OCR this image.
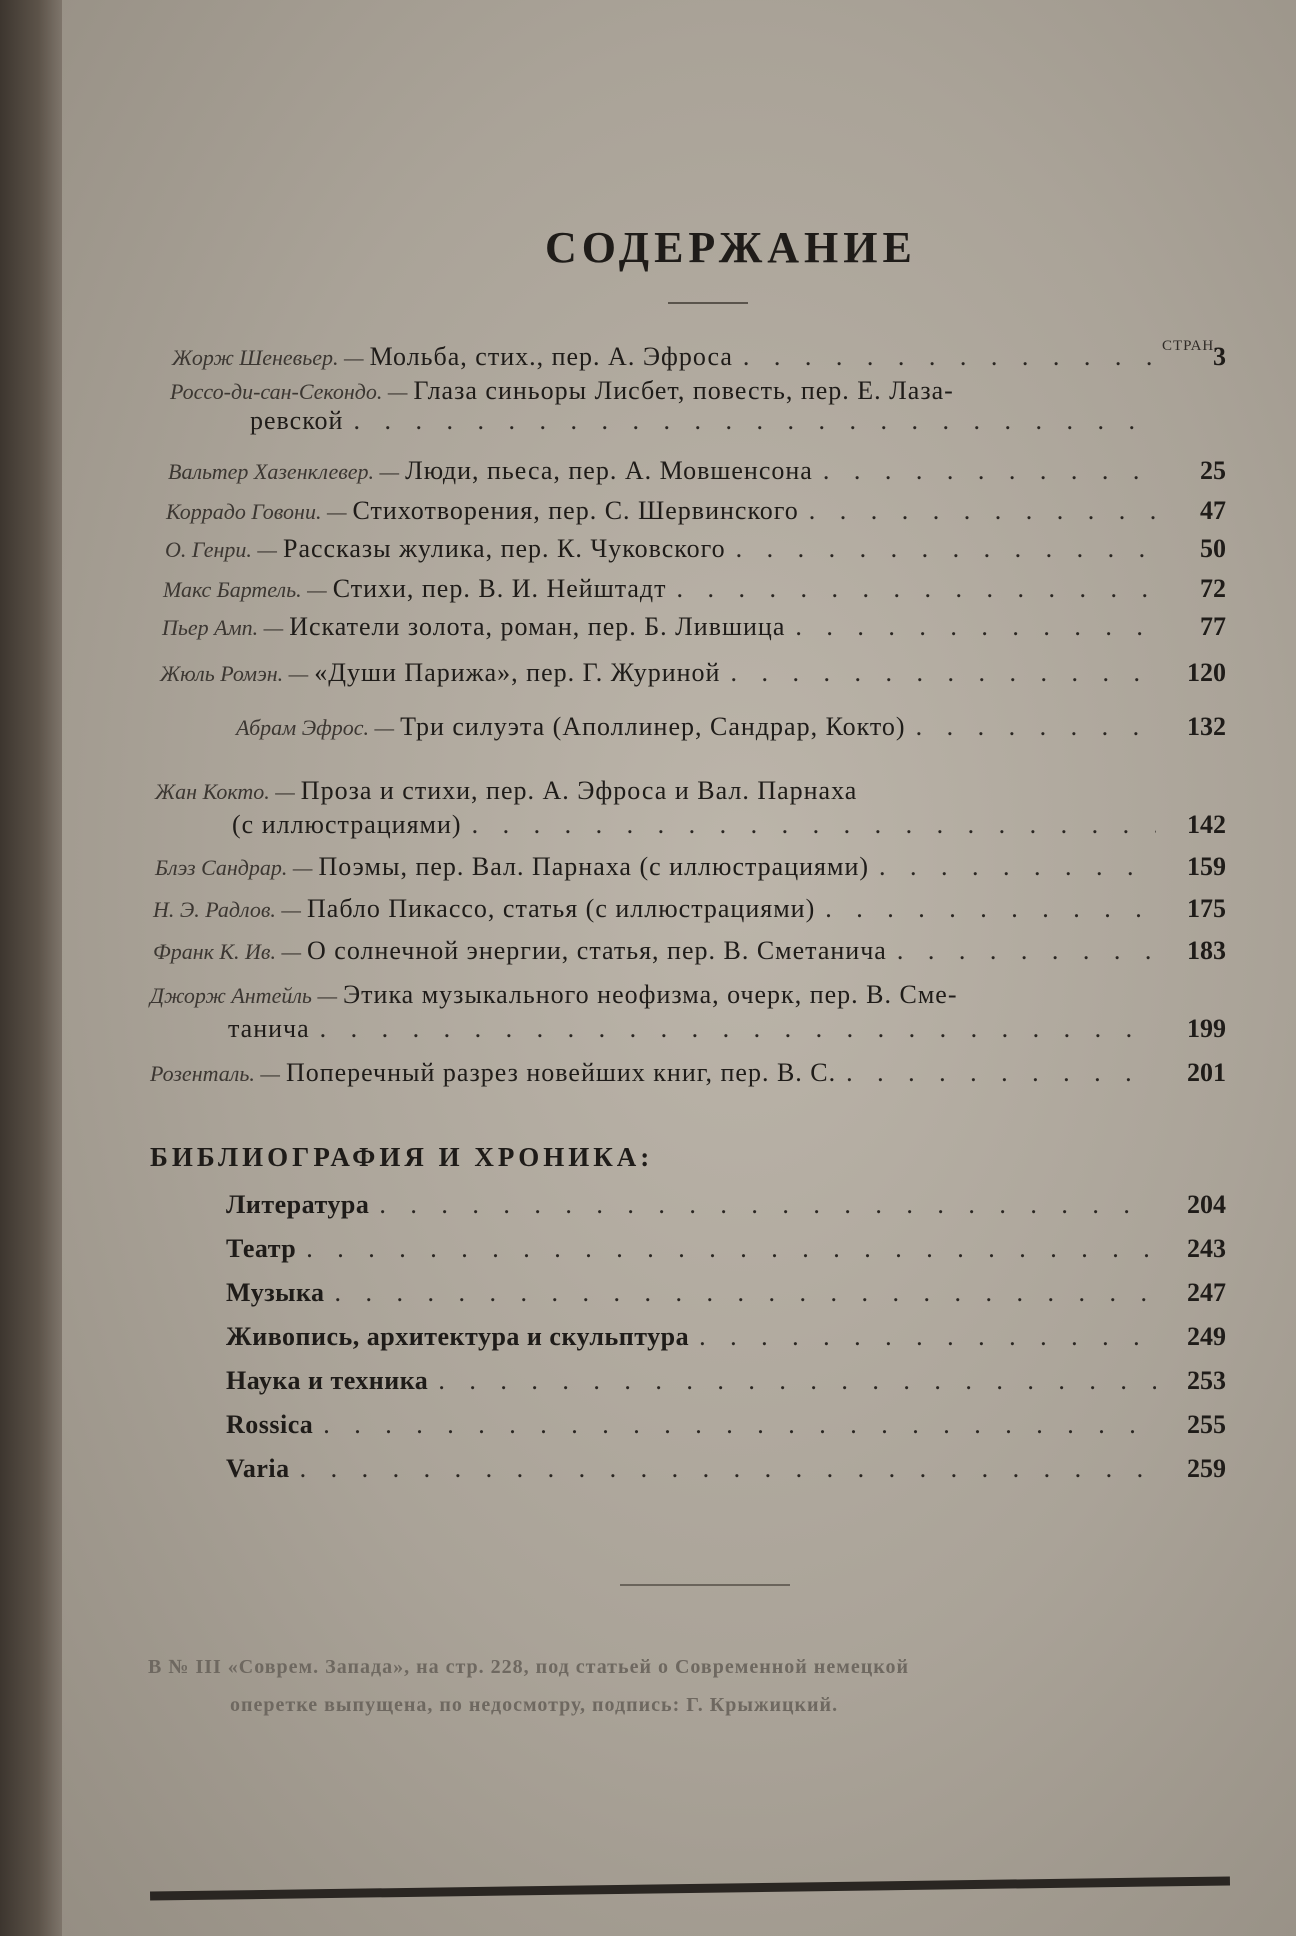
СОДЕРЖАНИЕ
СТРАН.
Жорж Шеневьер. — Мольба, стих., пер. А. Эфроса . . .	3
Россо-ди-сан-Секондо. — Глаза синьоры Лисбет, повесть, пер. Е. Лаза-
ревской
. . .
Вальтер Хазенклевер. — Люди, пьеса, пер. А. Мовшенсона . . .	25
Коррадо Говони. — Стихотворения, пер. С. Шервинского . . .	47
О. Генри. — Рассказы жулика, пер. К. Чуковского . . .	50
Макс Бартель. — Стихи, пер. В. И. Нейштадт . . .	72
Пьер Амп. — Искатели золота, роман, пер. Б. Лившица . . .	77
Жюль Ромэн. — «Души Парижа», пер. Г. Журиной . . .	120
Абрам Эфрос. — Три силуэта (Аполлинер, Сандрар, Кокто) . . .	132
Жан Кокто. — Проза и стихи, пер. А. Эфроса и Вал. Парнаха
(с иллюстрациями) . . .	142
Блэз Сандрар. — Поэмы, пер. Вал. Парнаха (с иллюстрациями) . . .	159
Н. Э. Радлов. — Пабло Пикассо, статья (с иллюстрациями) . . .	175
Франк К. Ив. — О солнечной энергии, статья, пер. В. Сметанича . . .	183
Джорж Антейль — Этика музыкального неофизма, очерк, пер. В. Сме-
танича . . .	199
Розенталь. — Поперечный разрез новейших книг, пер. В. С. . . .	201
БИБЛИОГРАФИЯ И ХРОНИКА:
Литература . . .	204
Театр . . .	243
Музыка . . .	247
Живопись, архитектура и скульптура . . .	249
Наука и техника . . .	253
Rossica . . .	255
Varia . . .	259
В № III «Соврем. Запада», на стр. 228, под статьей о Современной немецкой
оперетке выпущена, по недосмотру, подпись: Г. Крыжицкий.
